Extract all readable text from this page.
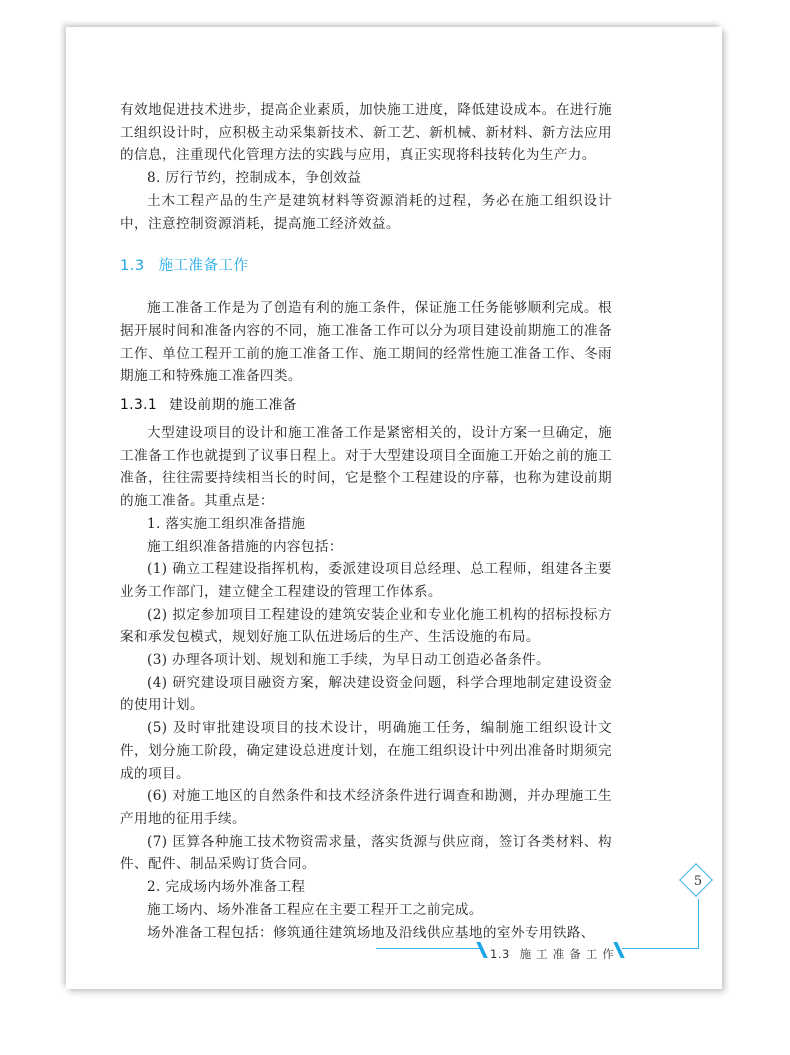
有效地促进技术进步，提高企业素质，加快施工进度，降低建设成本。在进行施工组织设计时，应积极主动采集新技术、新工艺、新机械、新材料、新方法应用的信息，注重现代化管理方法的实践与应用，真正实现将科技转化为生产力。

8. 厉行节约，控制成本，争创效益

土木工程产品的生产是建筑材料等资源消耗的过程，务必在施工组织设计中，注意控制资源消耗，提高施工经济效益。

1.3 施工准备工作

施工准备工作是为了创造有利的施工条件，保证施工任务能够顺利完成。根据开展时间和准备内容的不同，施工准备工作可以分为项目建设前期施工的准备工作、单位工程开工前的施工准备工作、施工期间的经常性施工准备工作、冬雨期施工和特殊施工准备四类。

1.3.1 建设前期的施工准备

大型建设项目的设计和施工准备工作是紧密相关的，设计方案一旦确定，施工准备工作也就提到了议事日程上。对于大型建设项目全面施工开始之前的施工准备，往往需要持续相当长的时间，它是整个工程建设的序幕，也称为建设前期的施工准备。其重点是：

1. 落实施工组织准备措施

施工组织准备措施的内容包括：

(1) 确立工程建设指挥机构，委派建设项目总经理、总工程师，组建各主要业务工作部门，建立健全工程建设的管理工作体系。

(2) 拟定参加项目工程建设的建筑安装企业和专业化施工机构的招标投标方案和承发包模式，规划好施工队伍进场后的生产、生活设施的布局。

(3) 办理各项计划、规划和施工手续，为早日动工创造必备条件。

(4) 研究建设项目融资方案，解决建设资金问题，科学合理地制定建设资金的使用计划。

(5) 及时审批建设项目的技术设计，明确施工任务，编制施工组织设计文件，划分施工阶段，确定建设总进度计划，在施工组织设计中列出准备时期须完成的项目。

(6) 对施工地区的自然条件和技术经济条件进行调查和勘测，并办理施工生产用地的征用手续。

(7) 匡算各种施工技术物资需求量，落实货源与供应商，签订各类材料、构件、配件、制品采购订货合同。

2. 完成场内场外准备工程

施工场内、场外准备工程应在主要工程开工之前完成。

场外准备工程包括：修筑通往建筑场地及沿线供应基地的室外专用铁路、

5
1.3 施工准备工作
